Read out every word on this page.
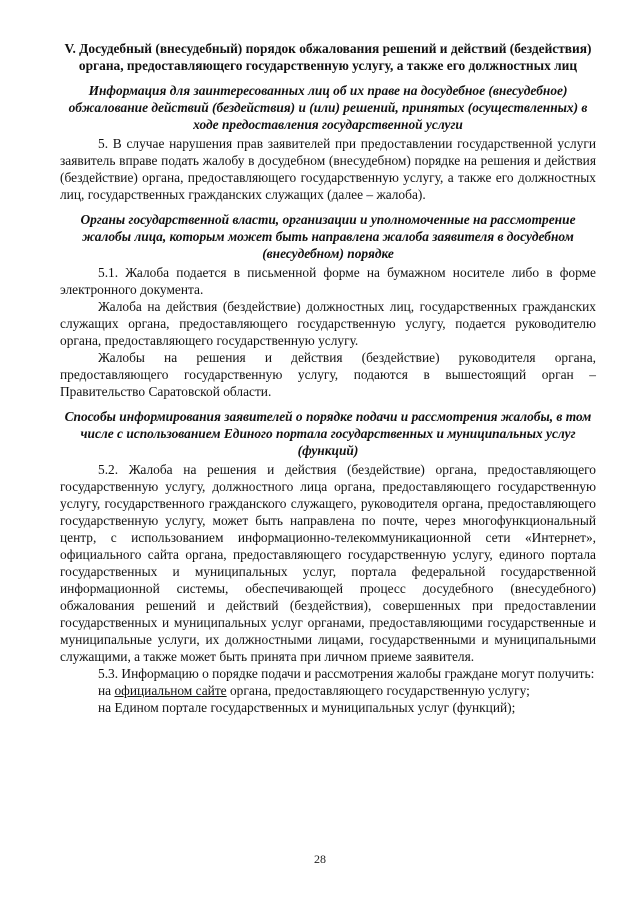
V. Досудебный (внесудебный) порядок обжалования решений и действий (бездействия) органа, предоставляющего государственную услугу, а также его должностных лиц
Информация для заинтересованных лиц об их праве на досудебное (внесудебное) обжалование действий (бездействия) и (или) решений, принятых (осуществленных) в ходе предоставления государственной услуги

5. В случае нарушения прав заявителей при предоставлении государственной услуги заявитель вправе подать жалобу в досудебном (внесудебном) порядке на решения и действия (бездействие) органа, предоставляющего государственную услугу, а также его должностных лиц, государственных гражданских служащих (далее – жалоба).

Органы государственной власти, организации и уполномоченные на рассмотрение жалобы лица, которым может быть направлена жалоба заявителя в досудебном (внесудебном) порядке

5.1. Жалоба подается в письменной форме на бумажном носителе либо в форме электронного документа.

Жалоба на действия (бездействие) должностных лиц, государственных гражданских служащих органа, предоставляющего государственную услугу, подается руководителю органа, предоставляющего государственную услугу.

Жалобы на решения и действия (бездействие) руководителя органа, предоставляющего государственную услугу, подаются в вышестоящий орган – Правительство Саратовской области.

Способы информирования заявителей о порядке подачи и рассмотрения жалобы, в том числе с использованием Единого портала государственных и муниципальных услуг (функций)

5.2. Жалоба на решения и действия (бездействие) органа, предоставляющего государственную услугу, должностного лица органа, предоставляющего государственную услугу, государственного гражданского служащего, руководителя органа, предоставляющего государственную услугу, может быть направлена по почте, через многофункциональный центр, с использованием информационно-телекоммуникационной сети «Интернет», официального сайта органа, предоставляющего государственную услугу, единого портала государственных и муниципальных услуг, портала федеральной государственной информационной системы, обеспечивающей процесс досудебного (внесудебного) обжалования решений и действий (бездействия), совершенных при предоставлении государственных и муниципальных услуг органами, предоставляющими государственные и муниципальные услуги, их должностными лицами, государственными и муниципальными служащими, а также может быть принята при личном приеме заявителя.

5.3. Информацию о порядке подачи и рассмотрения жалобы граждане могут получить:

на официальном сайте органа, предоставляющего государственную услугу;

на Едином портале государственных и муниципальных услуг (функций);

28
